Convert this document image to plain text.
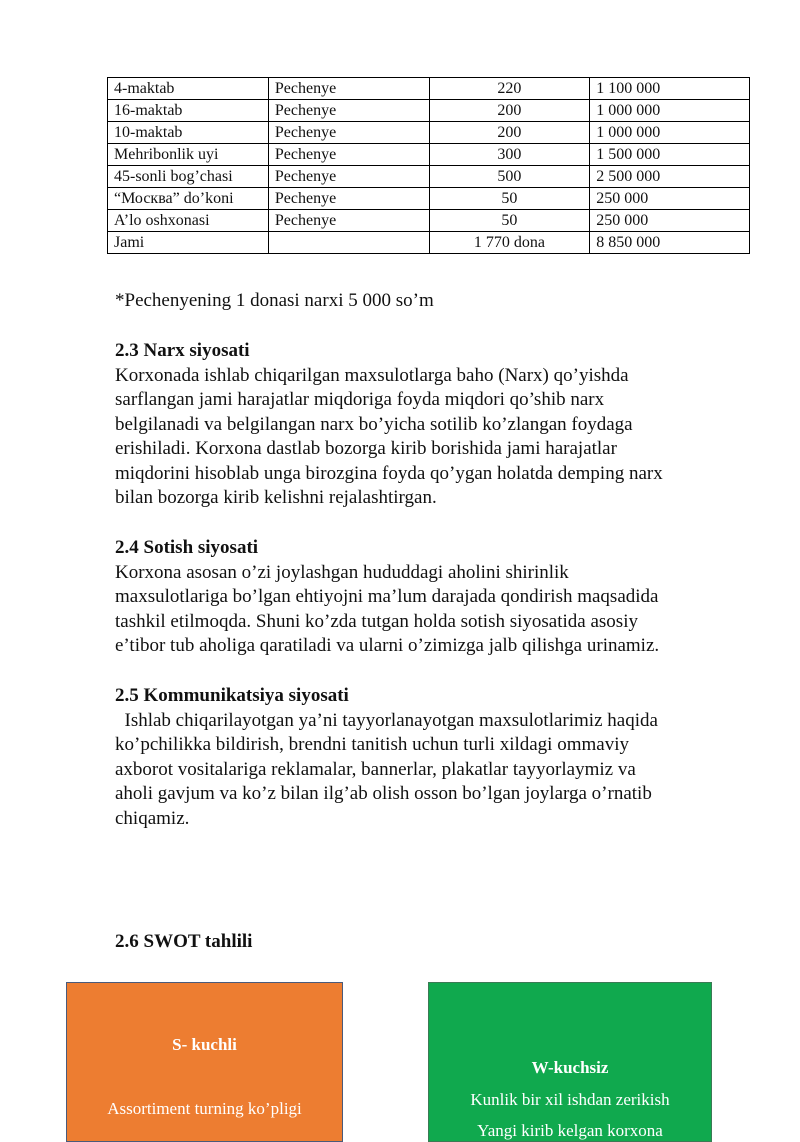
4-maktab	Pechenye	220	1 100 000
16-maktab	Pechenye	200	1 000 000
10-maktab	Pechenye	200	1 000 000
Mehribonlik uyi	Pechenye	300	1 500 000
45-sonli bog’chasi	Pechenye	500	2 500 000
“Москва” do’koni	Pechenye	50	250 000
A’lo oshxonasi	Pechenye	50	250 000
Jami		1 770 dona	8 850 000

*Pechenyening 1 donasi narxi 5 000 so’m

2.3 Narx siyosati

Korxonada ishlab chiqarilgan maxsulotlarga baho (Narx) qo’yishda

sarflangan jami harajatlar miqdoriga foyda miqdori qo’shib narx

belgilanadi va belgilangan narx bo’yicha sotilib ko’zlangan foydaga

erishiladi. Korxona dastlab bozorga kirib borishida jami harajatlar

miqdorini hisoblab unga birozgina foyda qo’ygan holatda demping narx

bilan bozorga kirib kelishni rejalashtirgan.

2.4 Sotish siyosati

Korxona asosan o’zi joylashgan hududdagi aholini shirinlik

maxsulotlariga bo’lgan ehtiyojni ma’lum darajada qondirish maqsadida

tashkil etilmoqda. Shuni ko’zda tutgan holda sotish siyosatida asosiy

e’tibor tub aholiga qaratiladi va ularni o’zimizga jalb qilishga urinamiz.

2.5 Kommunikatsiya siyosati

Ishlab chiqarilayotgan ya’ni tayyorlanayotgan maxsulotlarimiz haqida

ko’pchilikka bildirish, brendni tanitish uchun turli xildagi ommaviy

axborot vositalariga reklamalar, bannerlar, plakatlar tayyorlaymiz va

aholi gavjum va ko’z bilan ilg’ab olish osson bo’lgan joylarga o’rnatib

chiqamiz.

2.6 SWOT tahlili
S- kuchli
Assortiment turning ko’pligi
W-kuchsiz
Kunlik bir xil ishdan zerikish
Yangi kirib kelgan korxona
